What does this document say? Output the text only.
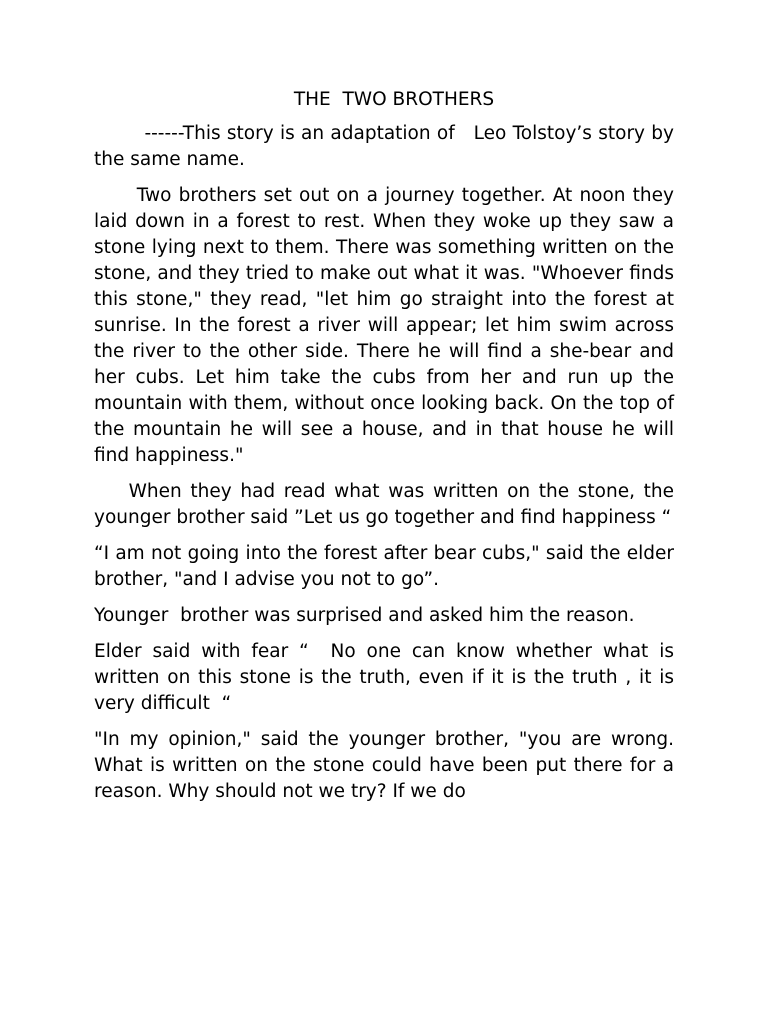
THE  TWO BROTHERS

------This story is an adaptation of   Leo Tolstoy’s story by the same name.

Two brothers set out on a journey together. At noon they laid down in a forest to rest. When they woke up they saw a stone lying next to them. There was something written on the stone, and they tried to make out what it was. "Whoever finds this stone," they read, "let him go straight into the forest at sunrise. In the forest a river will appear; let him swim across the river to the other side. There he will find a she-bear and her cubs. Let him take the cubs from her and run up the mountain with them, without once looking back. On the top of the mountain he will see a house, and in that house he will find happiness."

When they had read what was written on the stone, the younger brother said ”Let us go together and find happiness “

“I am not going into the forest after bear cubs," said the elder brother, "and I advise you not to go”.

Younger  brother was surprised and asked him the reason.

Elder said with fear “  No one can know whether what is written on this stone is the truth, even if it is the truth , it is very difficult  “

"In my opinion," said the younger brother, "you are wrong. What is written on the stone could have been put there for a reason. Why should not we try? If we do
